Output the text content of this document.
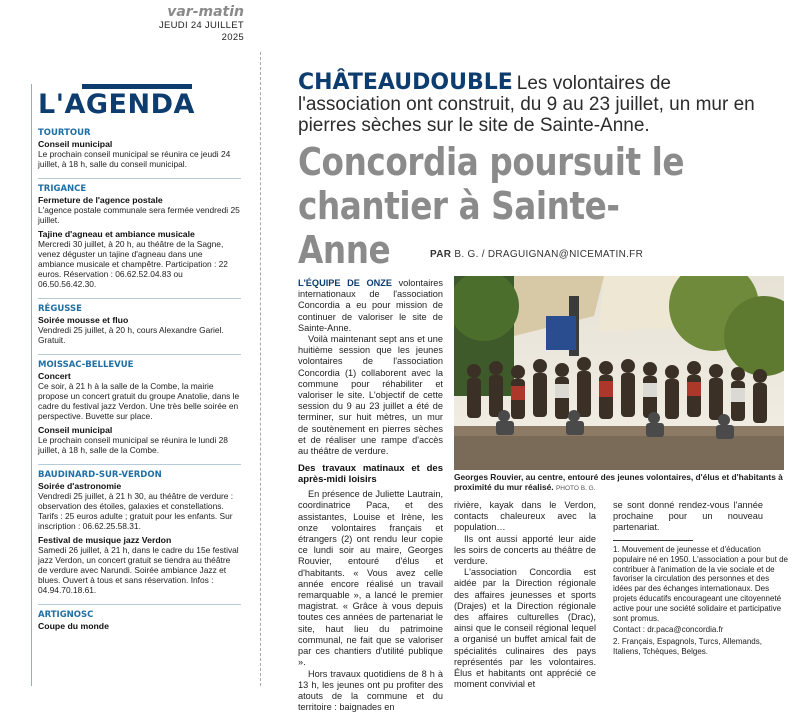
var-matin
JEUDI 24 JUILLET 2025
L'AGENDA
TOURTOUR
Conseil municipal
Le prochain conseil municipal se réunira ce jeudi 24 juillet, à 18 h, salle du conseil municipal.
TRIGANCE
Fermeture de l'agence postale
L'agence postale communale sera fermée vendredi 25 juillet.
Tajine d'agneau et ambiance musicale
Mercredi 30 juillet, à 20 h, au théâtre de la Sagne, venez déguster un tajine d'agneau dans une ambiance musicale et champêtre. Participation : 22 euros. Réservation : 06.62.52.04.83 ou 06.50.56.42.30.
RÉGUSSE
Soirée mousse et fluo
Vendredi 25 juillet, à 20 h, cours Alexandre Gariel. Gratuit.
MOISSAC-BELLEVUE
Concert
Ce soir, à 21 h à la salle de la Combe, la mairie propose un concert gratuit du groupe Anatolie, dans le cadre du festival jazz Verdon. Une très belle soirée en perspective. Buvette sur place.
Conseil municipal
Le prochain conseil municipal se réunira le lundi 28 juillet, à 18 h, salle de la Combe.
BAUDINARD-SUR-VERDON
Soirée d'astronomie
Vendredi 25 juillet, à 21 h 30, au théâtre de verdure : observation des étoiles, galaxies et constellations. Tarifs : 25 euros adulte ; gratuit pour les enfants. Sur inscription : 06.62.25.58.31.
Festival de musique jazz Verdon
Samedi 26 juillet, à 21 h, dans le cadre du 15e festival jazz Verdon, un concert gratuit se tiendra au théâtre de verdure avec Narundi. Soirée ambiance Jazz et blues. Ouvert à tous et sans réservation. Infos : 04.94.70.18.61.
ARTIGNOSC
Coupe du monde
CHÂTEAUDOUBLE Les volontaires de l'association ont construit, du 9 au 23 juillet, un mur en pierres sèches sur le site de Sainte-Anne.
Concordia poursuit le chantier à Sainte-Anne	PAR B. G. / DRAGUIGNAN@NICEMATIN.FR

L'ÉQUIPE DE ONZE volontaires internationaux de l'association Concordia a eu pour mission de continuer de valoriser le site de Sainte-Anne.

Voilà maintenant sept ans et une huitième session que les jeunes volontaires de l'association Concordia (1) collaborent avec la commune pour réhabiliter et valoriser le site. L'objectif de cette session du 9 au 23 juillet a été de terminer, sur huit mètres, un mur de soutènement en pierres sèches et de réaliser une rampe d'accès au théâtre de verdure.

Des travaux matinaux et des après-midi loisirs

En présence de Juliette Lautrain, coordinatrice Paca, et des assistantes, Louise et Irène, les onze volontaires français et étrangers (2) ont rendu leur copie ce lundi soir au maire, Georges Rouvier, entouré d'élus et d'habitants. « Vous avez celle année encore réalisé un travail remarquable », a lancé le premier magistrat. « Grâce à vous depuis toutes ces années de partenariat le site, haut lieu du patrimoine communal, ne fait que se valoriser par ces chantiers d'utilité publique ».

Hors travaux quotidiens de 8 h à 13 h, les jeunes ont pu profiter des atouts de la commune et du territoire : baignades en

Georges Rouvier, au centre, entouré des jeunes volontaires, d'élus et d'habitants à proximité du mur réalisé. PHOTO B. G.

rivière, kayak dans le Verdon, contacts chaleureux avec la population…

Ils ont aussi apporté leur aide les soirs de concerts au théâtre de verdure.

L'association Concordia est aidée par la Direction régionale des affaires jeunesses et sports (Drajes) et la Direction régionale des affaires culturelles (Drac), ainsi que le conseil régional lequel a organisé un buffet amical fait de spécialités culinaires des pays représentés par les volontaires. Élus et habitants ont apprécié ce moment convivial et

se sont donné rendez-vous l'année prochaine pour un nouveau partenariat.

1. Mouvement de jeunesse et d'éducation populaire né en 1950. L'association a pour but de contribuer à l'animation de la vie sociale et de favoriser la circulation des personnes et des idées par des échanges internationaux. Des projets éducatifs encourageant une citoyenneté active pour une société solidaire et participative sont promus.

Contact : dr.paca@concordia.fr

2. Français, Espagnols, Turcs, Allemands, Italiens, Tchèques, Belges.
